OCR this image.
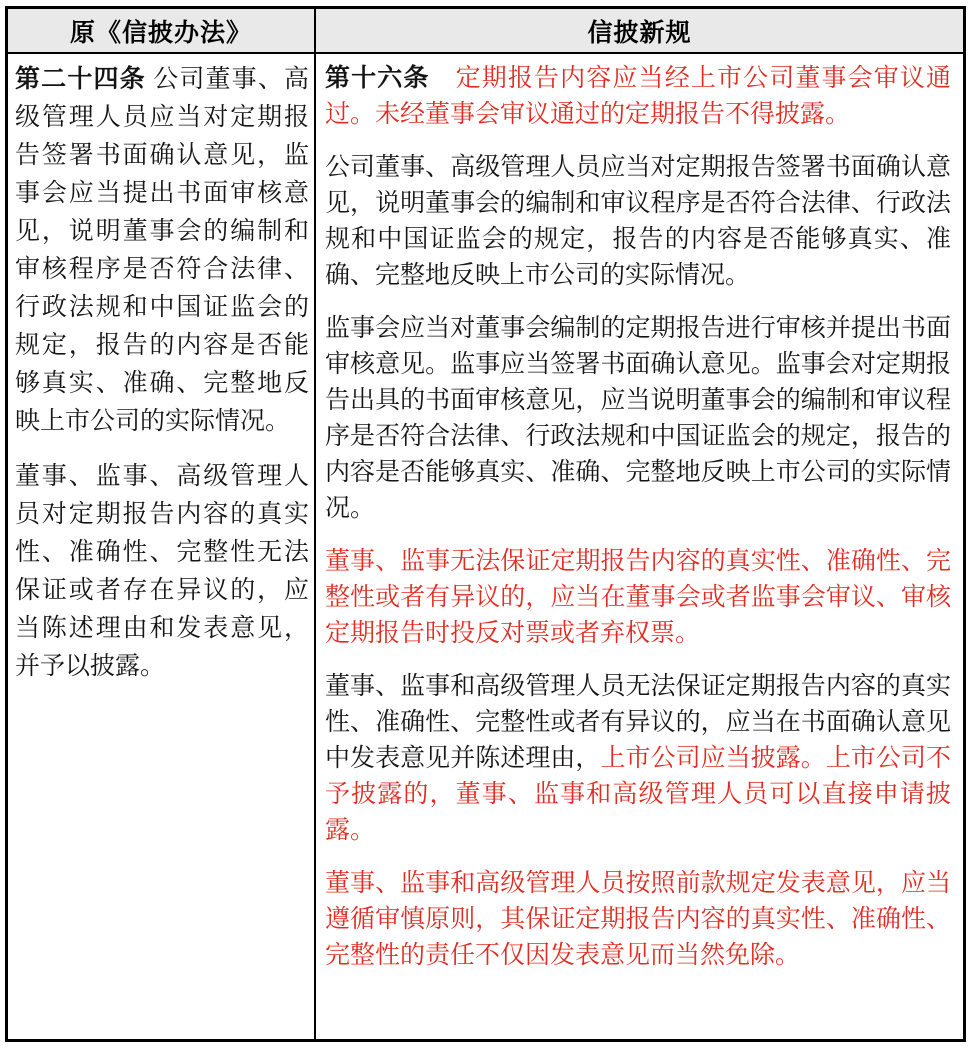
原《信披办法》	信披新规

第二十四条 公司董事、高级管理人员应当对定期报告签署书面确认意见，监事会应当提出书面审核意见，说明董事会的编制和审核程序是否符合法律、行政法规和中国证监会的规定，报告的内容是否能够真实、准确、完整地反映上市公司的实际情况。

董事、监事、高级管理人员对定期报告内容的真实性、准确性、完整性无法保证或者存在异议的，应当陈述理由和发表意见，并予以披露。

第十六条　定期报告内容应当经上市公司董事会审议通过。未经董事会审议通过的定期报告不得披露。

公司董事、高级管理人员应当对定期报告签署书面确认意见，说明董事会的编制和审议程序是否符合法律、行政法规和中国证监会的规定，报告的内容是否能够真实、准确、完整地反映上市公司的实际情况。

监事会应当对董事会编制的定期报告进行审核并提出书面审核意见。监事应当签署书面确认意见。监事会对定期报告出具的书面审核意见，应当说明董事会的编制和审议程序是否符合法律、行政法规和中国证监会的规定，报告的内容是否能够真实、准确、完整地反映上市公司的实际情况。

董事、监事无法保证定期报告内容的真实性、准确性、完整性或者有异议的，应当在董事会或者监事会审议、审核定期报告时投反对票或者弃权票。

董事、监事和高级管理人员无法保证定期报告内容的真实性、准确性、完整性或者有异议的，应当在书面确认意见中发表意见并陈述理由，上市公司应当披露。上市公司不予披露的，董事、监事和高级管理人员可以直接申请披露。

董事、监事和高级管理人员按照前款规定发表意见，应当遵循审慎原则，其保证定期报告内容的真实性、准确性、完整性的责任不仅因发表意见而当然免除。
